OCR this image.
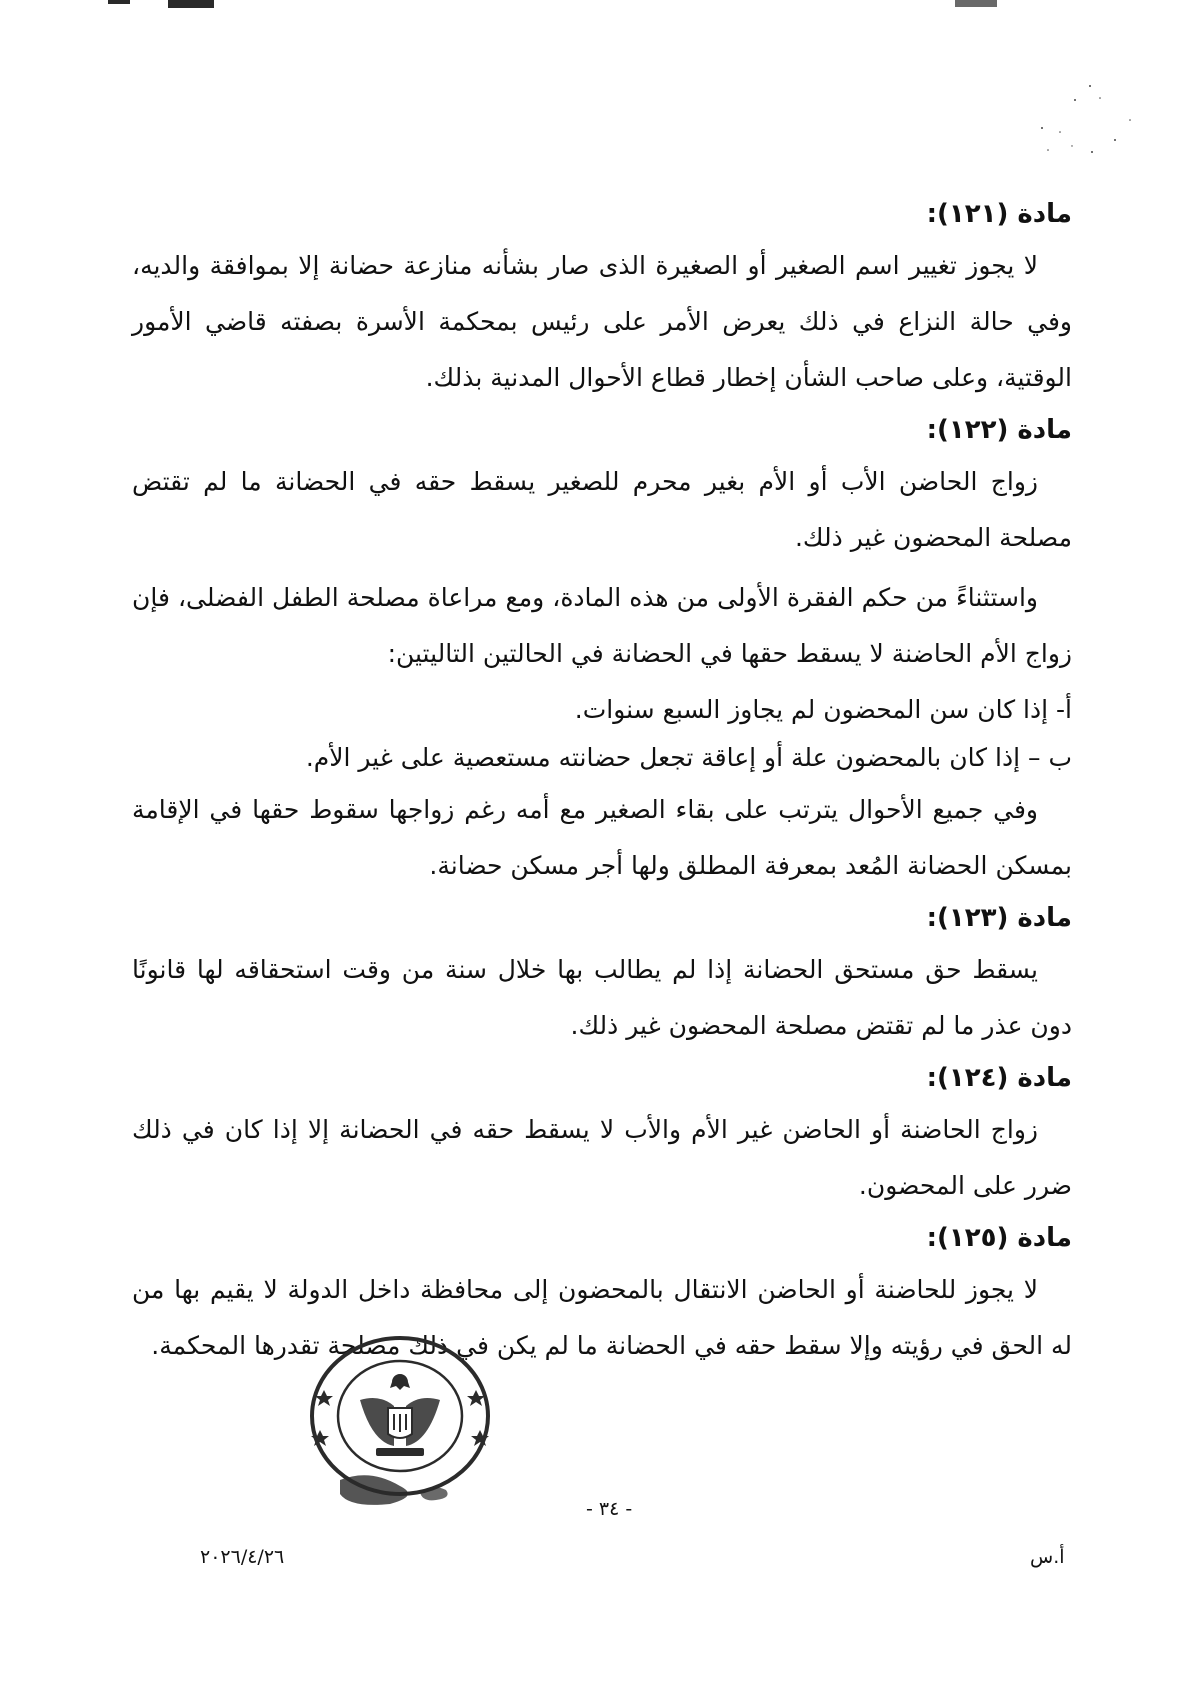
مادة (١٢١):

لا يجوز تغيير اسم الصغير أو الصغيرة الذى صار بشأنه منازعة حضانة إلا بموافقة والديه، وفي حالة النزاع في ذلك يعرض الأمر على رئيس بمحكمة الأسرة بصفته قاضي الأمور الوقتية، وعلى صاحب الشأن إخطار قطاع الأحوال المدنية بذلك.

مادة (١٢٢):

زواج الحاضن الأب أو الأم بغير محرم للصغير يسقط حقه في الحضانة ما لم تقتض مصلحة المحضون غير ذلك.

واستثناءً من حكم الفقرة الأولى من هذه المادة، ومع مراعاة مصلحة الطفل الفضلى، فإن زواج الأم الحاضنة لا يسقط حقها في الحضانة في الحالتين التاليتين:

أ- إذا كان سن المحضون لم يجاوز السبع سنوات.

ب – إذا كان بالمحضون علة أو إعاقة تجعل حضانته مستعصية على غير الأم.

وفي جميع الأحوال يترتب على بقاء الصغير مع أمه رغم زواجها سقوط حقها في الإقامة بمسكن الحضانة المُعد بمعرفة المطلق ولها أجر مسكن حضانة.

مادة (١٢٣):

يسقط حق مستحق الحضانة إذا لم يطالب بها خلال سنة من وقت استحقاقه لها قانونًا دون عذر ما لم تقتض مصلحة المحضون غير ذلك.

مادة (١٢٤):

زواج الحاضنة أو الحاضن غير الأم والأب لا يسقط حقه في الحضانة إلا إذا كان في ذلك ضرر على المحضون.

مادة (١٢٥):

لا يجوز للحاضنة أو الحاضن الانتقال بالمحضون إلى محافظة داخل الدولة لا يقيم بها من له الحق في رؤيته وإلا سقط حقه في الحضانة ما لم يكن في ذلك مصلحة تقدرها المحكمة.

- ٣٤ -
٢٠٢٦/٤/٢٦	أ.س
